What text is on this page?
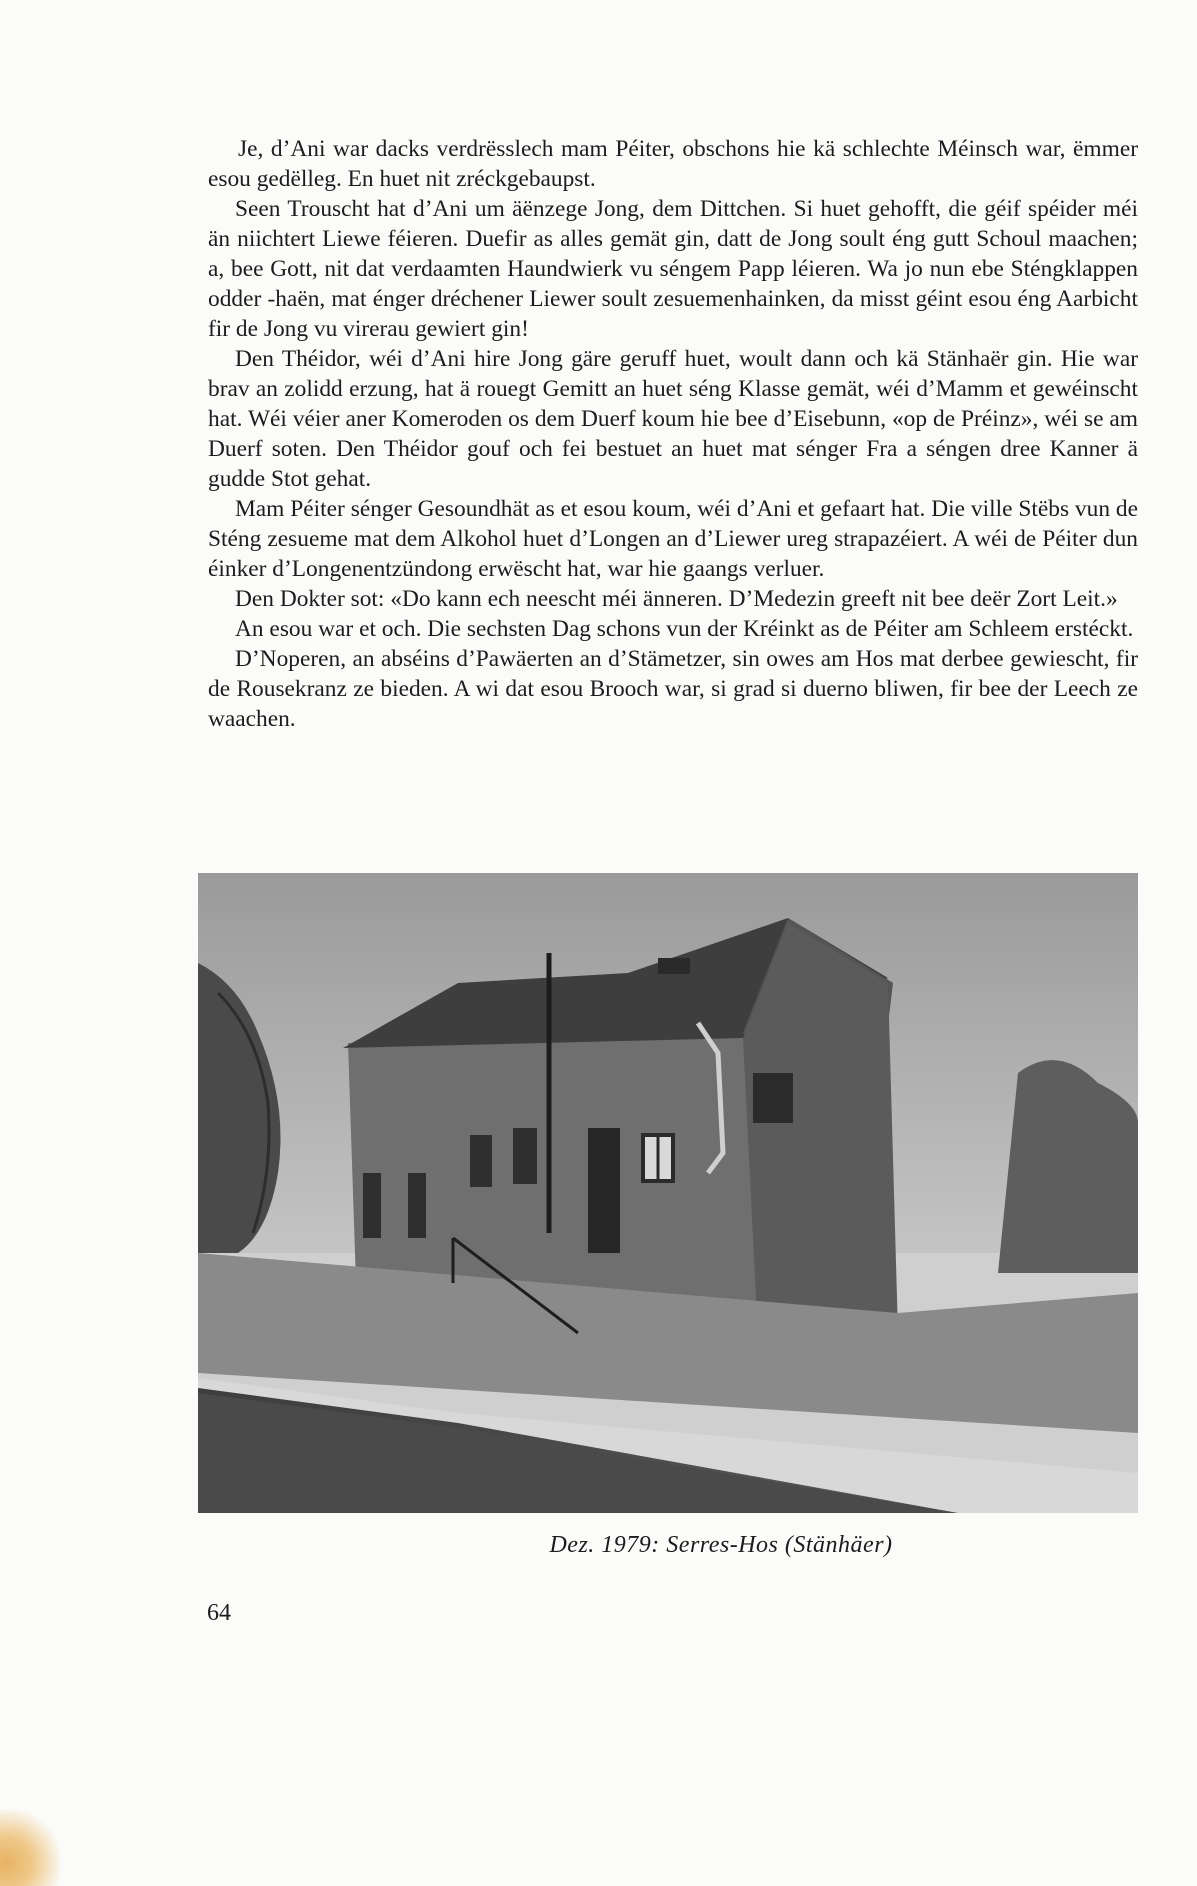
Je, d’Ani war dacks verdrësslech mam Péiter, obschons hie kä schlechte Méinsch war, ëmmer esou gedëlleg. En huet nit zréckgebaupst.

Seen Trouscht hat d’Ani um äënzege Jong, dem Dittchen. Si huet gehofft, die géif spéider méi än niichtert Liewe féieren. Duefir as alles gemät gin, datt de Jong soult éng gutt Schoul maachen; a, bee Gott, nit dat verdaamten Haundwierk vu séngem Papp léieren. Wa jo nun ebe Sténgklappen odder -haën, mat énger dréchener Liewer soult zesuemenhainken, da misst géint esou éng Aarbicht fir de Jong vu virerau gewiert gin!

Den Théidor, wéi d’Ani hire Jong gäre geruff huet, woult dann och kä Stänhaër gin. Hie war brav an zolidd erzung, hat ä rouegt Gemitt an huet séng Klasse gemät, wéi d’Mamm et gewéinscht hat. Wéi véier aner Komeroden os dem Duerf koum hie bee d’Eisebunn, «op de Préinz», wéi se am Duerf soten. Den Théidor gouf och fei bestuet an huet mat sénger Fra a séngen dree Kanner ä gudde Stot gehat.

Mam Péiter sénger Gesoundhät as et esou koum, wéi d’Ani et gefaart hat. Die ville Stëbs vun de Sténg zesueme mat dem Alkohol huet d’Longen an d’Liewer ureg strapazéiert. A wéi de Péiter dun éinker d’Longenentzündong erwëscht hat, war hie gaangs verluer.

Den Dokter sot: «Do kann ech neescht méi änneren. D’Medezin greeft nit bee deër Zort Leit.»

An esou war et och. Die sechsten Dag schons vun der Kréinkt as de Péiter am Schleem erstéckt.

D’Noperen, an abséins d’Pawäerten an d’Stämetzer, sin owes am Hos mat derbee gewiescht, fir de Rousekranz ze bieden. A wi dat esou Brooch war, si grad si duerno bliwen, fir bee der Leech ze waachen.

Dez. 1979: Serres-Hos (Stänhäer)
64
